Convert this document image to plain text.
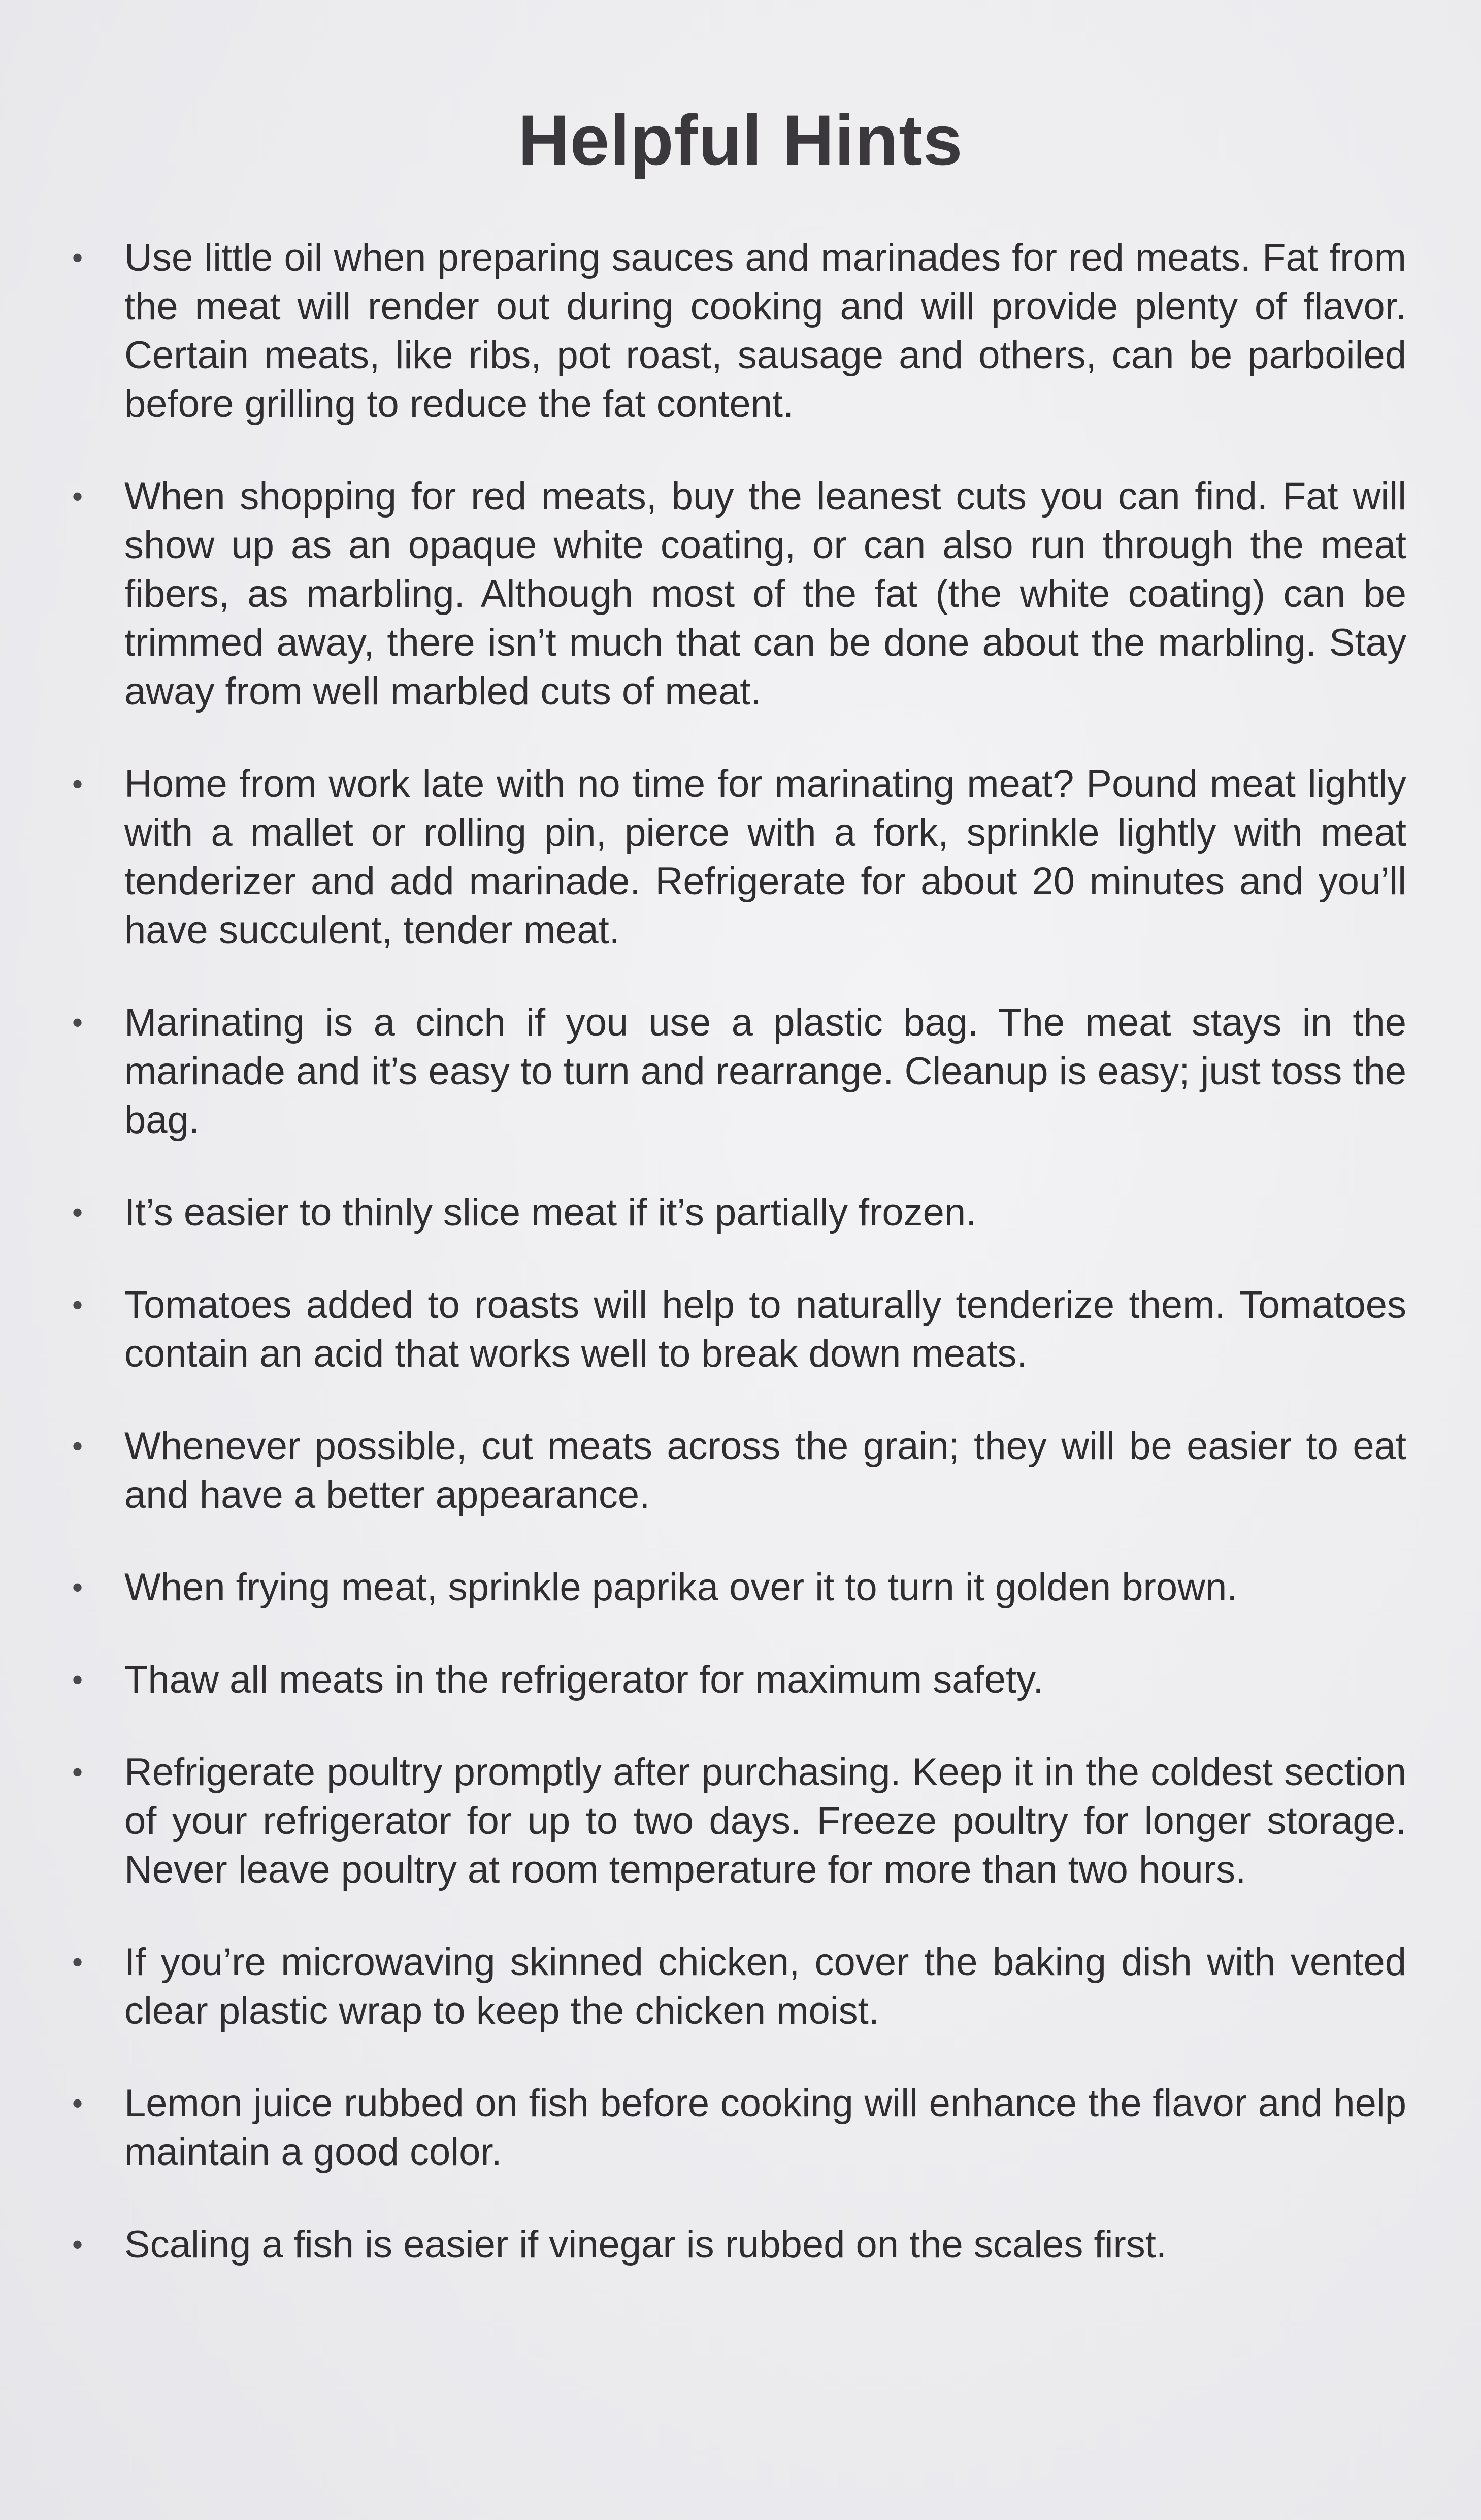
Helpful Hints
• Use little oil when preparing sauces and marinades for red meats. Fat from the meat will render out during cooking and will provide plenty of flavor. Certain meats, like ribs, pot roast, sausage and others, can be parboiled before grilling to reduce the fat content.
• When shopping for red meats, buy the leanest cuts you can find. Fat will show up as an opaque white coating, or can also run through the meat fibers, as marbling. Although most of the fat (the white coating) can be trimmed away, there isn’t much that can be done about the marbling. Stay away from well marbled cuts of meat.
• Home from work late with no time for marinating meat? Pound meat lightly with a mallet or rolling pin, pierce with a fork, sprinkle lightly with meat tenderizer and add marinade. Refrigerate for about 20 minutes and you’ll have succulent, tender meat.
• Marinating is a cinch if you use a plastic bag. The meat stays in the marinade and it’s easy to turn and rearrange. Cleanup is easy; just toss the bag.
• It’s easier to thinly slice meat if it’s partially frozen.
• Tomatoes added to roasts will help to naturally tenderize them. Tomatoes contain an acid that works well to break down meats.
• Whenever possible, cut meats across the grain; they will be easier to eat and have a better appearance.
• When frying meat, sprinkle paprika over it to turn it golden brown.
• Thaw all meats in the refrigerator for maximum safety.
• Refrigerate poultry promptly after purchasing. Keep it in the coldest section of your refrigerator for up to two days. Freeze poultry for longer storage. Never leave poultry at room temperature for more than two hours.
• If you’re microwaving skinned chicken, cover the baking dish with vented clear plastic wrap to keep the chicken moist.
• Lemon juice rubbed on fish before cooking will enhance the flavor and help maintain a good color.
• Scaling a fish is easier if vinegar is rubbed on the scales first.
